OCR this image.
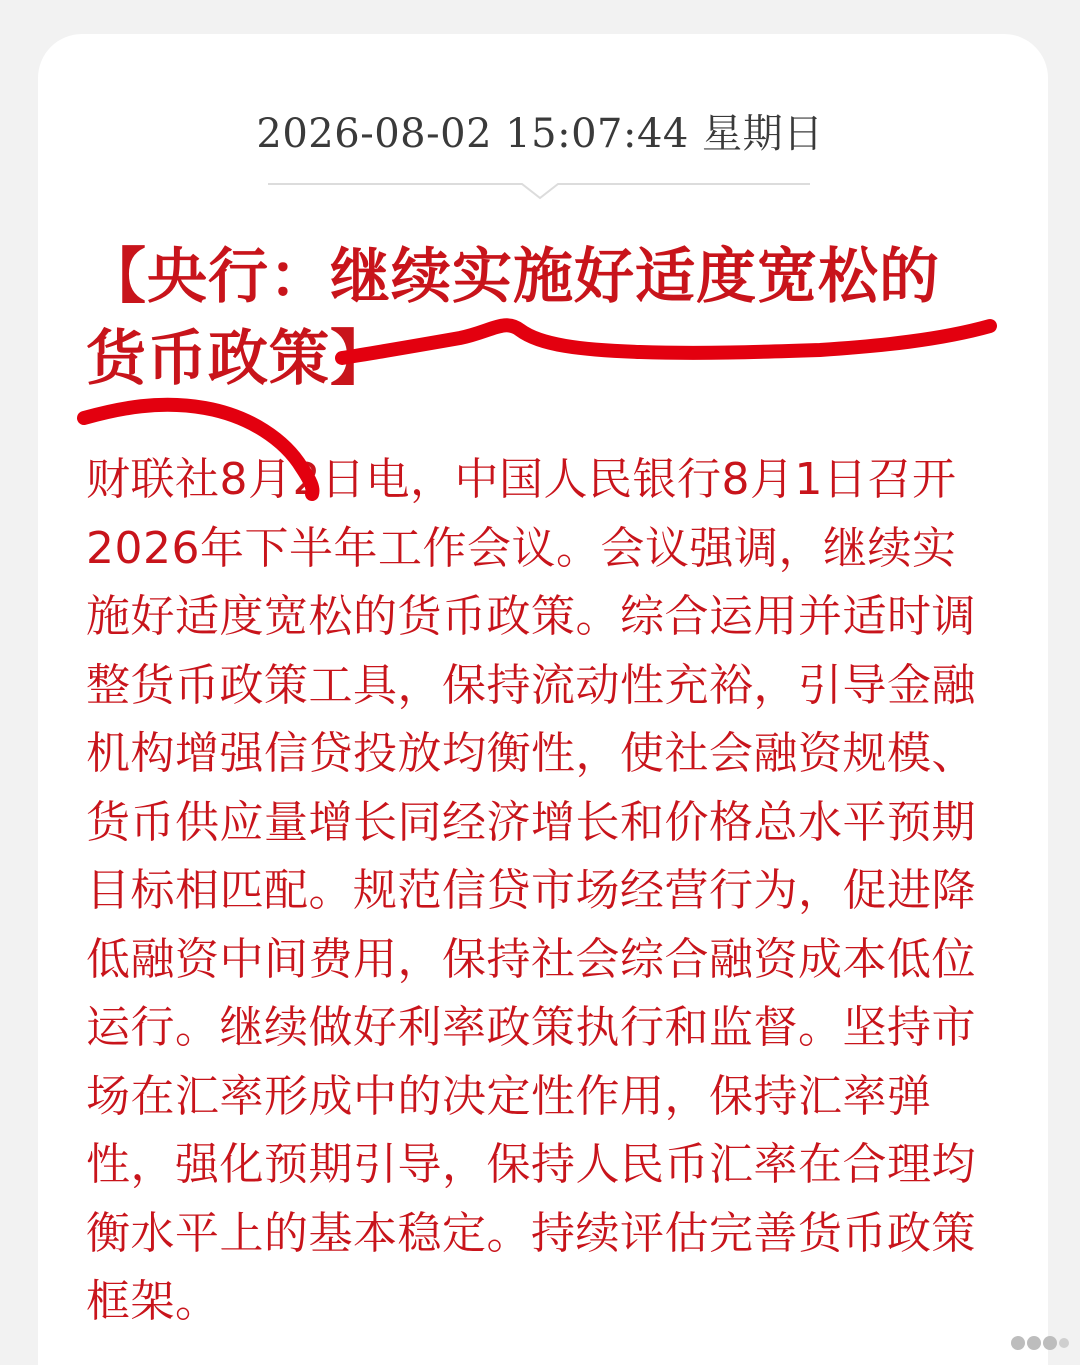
2026-08-02 15:07:44 星期日
【央行：继续实施好适度宽松的货币政策】
财联社8月2日电，中国人民银行8月1日召开2026年下半年工作会议。会议强调，继续实施好适度宽松的货币政策。综合运用并适时调整货币政策工具，保持流动性充裕，引导金融机构增强信贷投放均衡性，使社会融资规模、货币供应量增长同经济增长和价格总水平预期目标相匹配。规范信贷市场经营行为，促进降低融资中间费用，保持社会综合融资成本低位运行。继续做好利率政策执行和监督。坚持市场在汇率形成中的决定性作用，保持汇率弹性，强化预期引导，保持人民币汇率在合理均衡水平上的基本稳定。持续评估完善货币政策框架。
